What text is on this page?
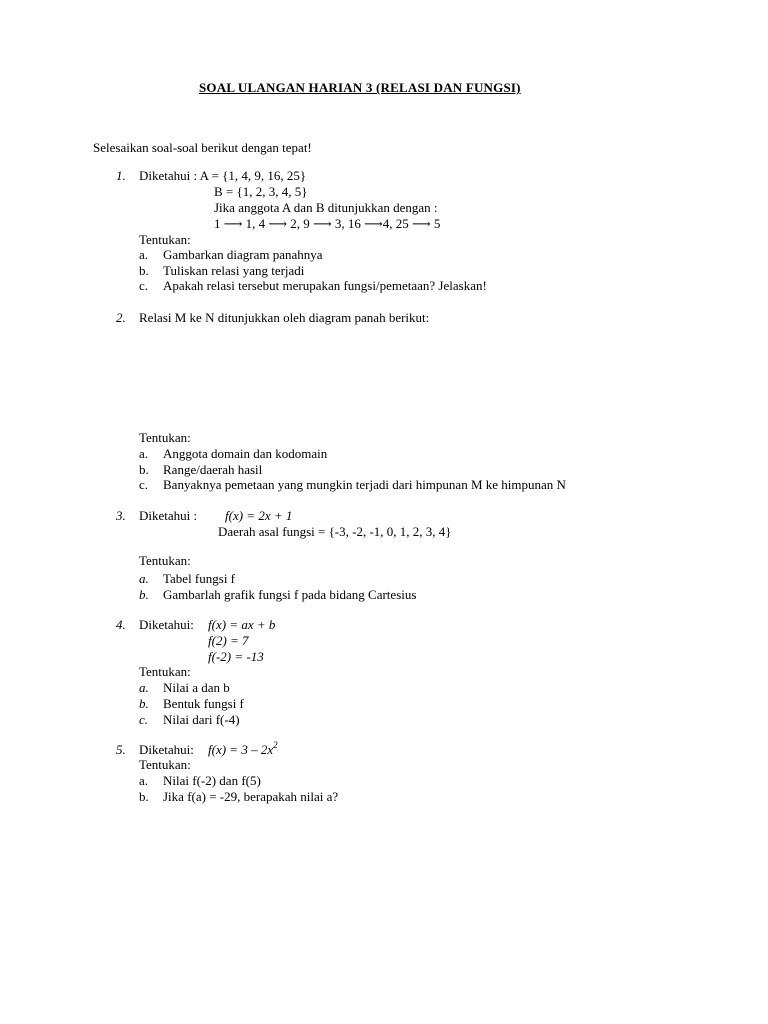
SOAL ULANGAN HARIAN 3 (RELASI DAN FUNGSI)
Selesaikan soal-soal berikut dengan tepat!
1. Diketahui : A = {1, 4, 9, 16, 25}
B = {1, 2, 3, 4, 5}
Jika anggota A dan B ditunjukkan dengan :
1 ⟶ 1, 4 ⟶ 2, 9 ⟶ 3, 16 ⟶4, 25 ⟶ 5
Tentukan:
a. Gambarkan diagram panahnya
b. Tuliskan relasi yang terjadi
c. Apakah relasi tersebut merupakan fungsi/pemetaan? Jelaskan!
2. Relasi M ke N ditunjukkan oleh diagram panah berikut:
Tentukan:
a. Anggota domain dan kodomain
b. Range/daerah hasil
c. Banyaknya pemetaan yang mungkin terjadi dari himpunan M ke himpunan N
3. Diketahui : f(x) = 2x + 1
Daerah asal fungsi = {-3, -2, -1, 0, 1, 2, 3, 4}
Tentukan:
a. Tabel fungsi f
b. Gambarlah grafik fungsi f pada bidang Cartesius
4. Diketahui: f(x) = ax + b
f(2) = 7
f(-2) = -13
Tentukan:
a. Nilai a dan b
b. Bentuk fungsi f
c. Nilai dari f(-4)
5. Diketahui: $f(x) = 3 - 2x^2$
Tentukan:
a. Nilai f(-2) dan f(5)
b. Jika f(a) = -29, berapakah nilai a?
